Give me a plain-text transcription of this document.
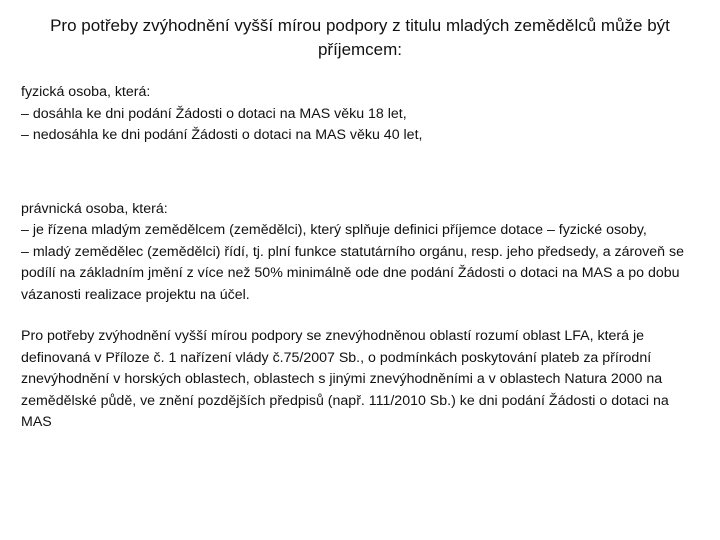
Pro potřeby zvýhodnění vyšší mírou podpory z titulu mladých zemědělců může být příjemcem:

fyzická osoba, která:
– dosáhla ke dni podání Žádosti o dotaci na MAS věku 18 let,
– nedosáhla ke dni podání Žádosti o dotaci na MAS věku 40 let,

právnická osoba, která:
– je řízena mladým zemědělcem (zemědělci), který splňuje definici příjemce dotace – fyzické osoby,
– mladý zemědělec (zemědělci) řídí, tj. plní funkce statutárního orgánu, resp. jeho předsedy, a zároveň se podílí na základním jmění z více než 50% minimálně ode dne podání Žádosti o dotaci na MAS a po dobu vázanosti realizace projektu na účel.

Pro potřeby zvýhodnění vyšší mírou podpory se znevýhodněnou oblastí rozumí oblast LFA, která je definovaná v Příloze č. 1 nařízení vlády č.75/2007 Sb., o podmínkách poskytování plateb za přírodní znevýhodnění v horských oblastech, oblastech s jinými znevýhodněními a v oblastech Natura 2000 na zemědělské půdě, ve znění pozdějších předpisů (např. 111/2010 Sb.) ke dni podání Žádosti o dotaci na MAS
